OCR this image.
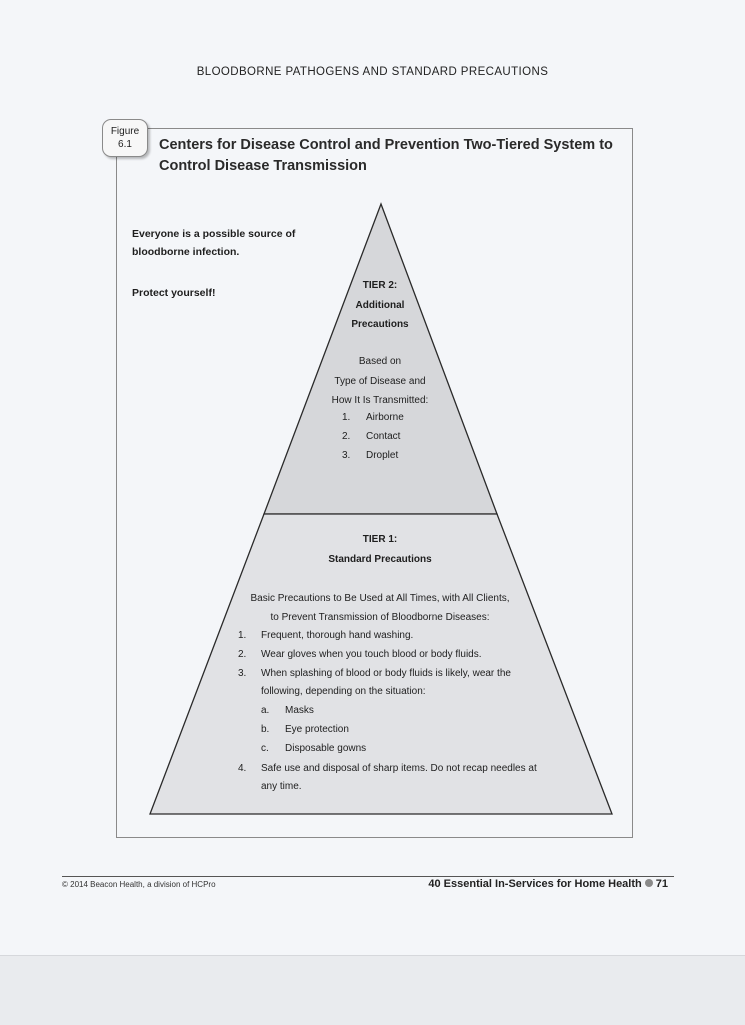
BLOODBORNE PATHOGENS AND STANDARD PRECAUTIONS
Figure
6.1	Centers for Disease Control and Prevention Two-Tiered System to
Control Disease Transmission
Everyone is a possible source of
bloodborne infection.
Protect yourself!
TIER 2:
Additional
Precautions
Based on
Type of Disease and
How It Is Transmitted:
1. Airborne
2. Contact
3. Droplet
TIER 1:
Standard Precautions
Basic Precautions to Be Used at All Times, with All Clients,
to Prevent Transmission of Bloodborne Diseases:
1. Frequent, thorough hand washing.
2. Wear gloves when you touch blood or body fluids.
3. When splashing of blood or body fluids is likely, wear the
following, depending on the situation:
a. Masks
b. Eye protection
c. Disposable gowns
4. Safe use and disposal of sharp items. Do not recap needles at
any time.
© 2014 Beacon Health, a division of HCPro	40 Essential In-Services for Home Health 71
